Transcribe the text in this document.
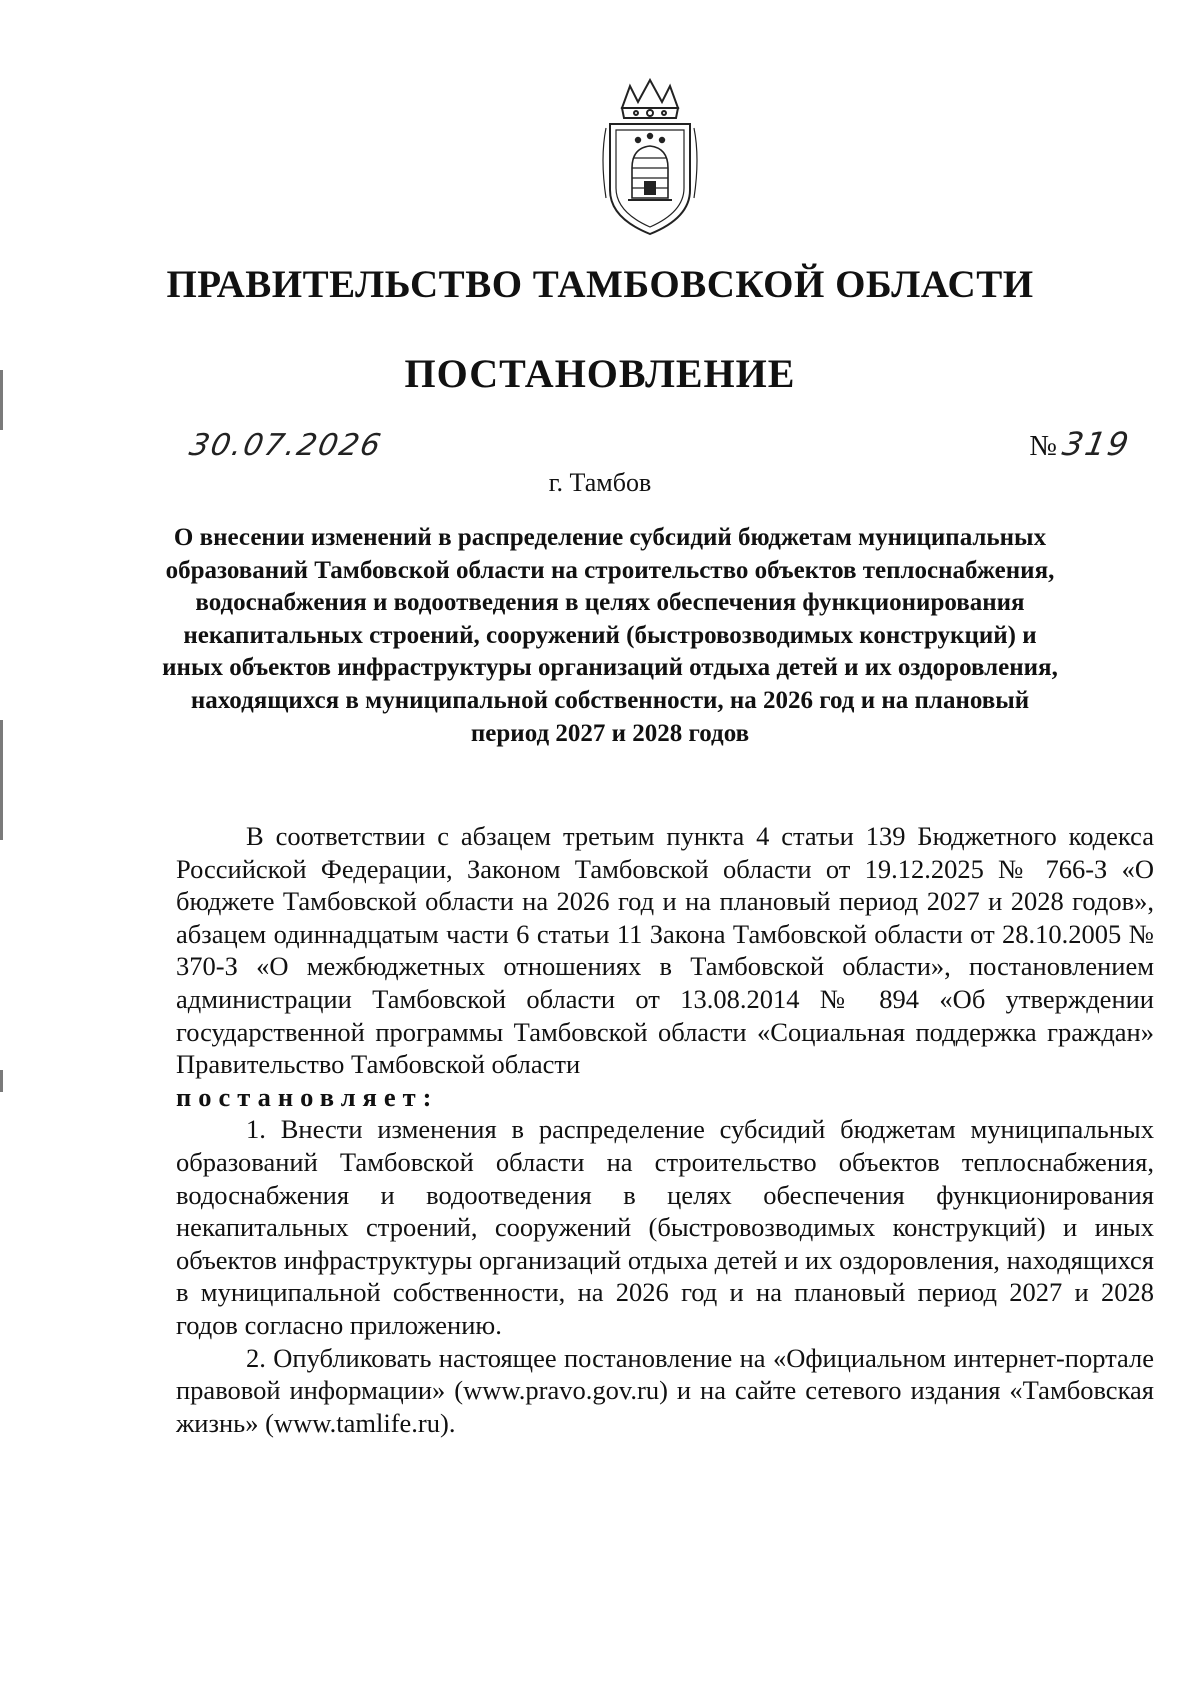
ПРАВИТЕЛЬСТВО ТАМБОВСКОЙ ОБЛАСТИ
ПОСТАНОВЛЕНИЕ
30.07.2026	№319
г. Тамбов
О внесении изменений в распределение субсидий бюджетам муниципальных образований Тамбовской области на строительство объектов теплоснабжения, водоснабжения и водоотведения в целях обеспечения функционирования некапитальных строений, сооружений (быстровозводимых конструкций) и иных объектов инфраструктуры организаций отдыха детей и их оздоровления, находящихся в муниципальной собственности, на 2026 год и на плановый период 2027 и 2028 годов

В соответствии с абзацем третьим пункта 4 статьи 139 Бюджетного кодекса Российской Федерации, Законом Тамбовской области от 19.12.2025 № 766-З «О бюджете Тамбовской области на 2026 год и на плановый период 2027 и 2028 годов», абзацем одиннадцатым части 6 статьи 11 Закона Тамбовской области от 28.10.2005 № 370-З «О межбюджетных отношениях в Тамбовской области», постановлением администрации Тамбовской области от 13.08.2014 № 894 «Об утверждении государственной программы Тамбовской области «Социальная поддержка граждан» Правительство Тамбовской области

постановляет:

1. Внести изменения в распределение субсидий бюджетам муниципальных образований Тамбовской области на строительство объектов теплоснабжения, водоснабжения и водоотведения в целях обеспечения функционирования некапитальных строений, сооружений (быстровозводимых конструкций) и иных объектов инфраструктуры организаций отдыха детей и их оздоровления, находящихся в муниципальной собственности, на 2026 год и на плановый период 2027 и 2028 годов согласно приложению.

2. Опубликовать настоящее постановление на «Официальном интернет-портале правовой информации» (www.pravo.gov.ru) и на сайте сетевого издания «Тамбовская жизнь» (www.tamlife.ru).
